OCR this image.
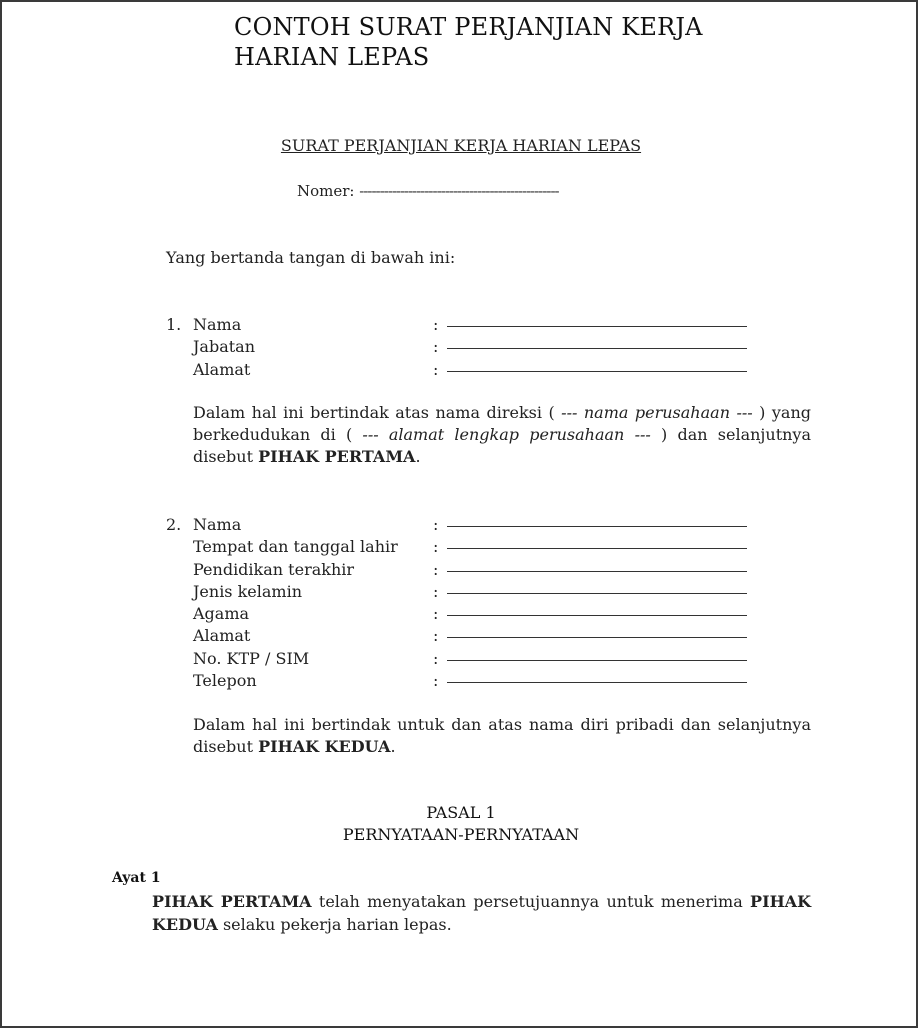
CONTOH SURAT PERJANJIAN KERJA
HARIAN LEPAS
SURAT PERJANJIAN KERJA HARIAN LEPAS
Nomer: -------------------------------------------------
Yang bertanda tangan di bawah ini:
1. Nama	:
Jabatan	:
Alamat	:
Dalam hal ini bertindak atas nama direksi ( --- nama perusahaan --- ) yang berkedudukan di ( --- alamat lengkap perusahaan --- ) dan selanjutnya disebut PIHAK PERTAMA.
2. Nama	:
Tempat dan tanggal lahir	:
Pendidikan terakhir	:
Jenis kelamin	:
Agama	:
Alamat	:
No. KTP / SIM	:
Telepon	:
Dalam hal ini bertindak untuk dan atas nama diri pribadi dan selanjutnya disebut PIHAK KEDUA.
PASAL 1
PERNYATAAN-PERNYATAAN
Ayat 1
PIHAK PERTAMA telah menyatakan persetujuannya untuk menerima PIHAK KEDUA selaku pekerja harian lepas.
